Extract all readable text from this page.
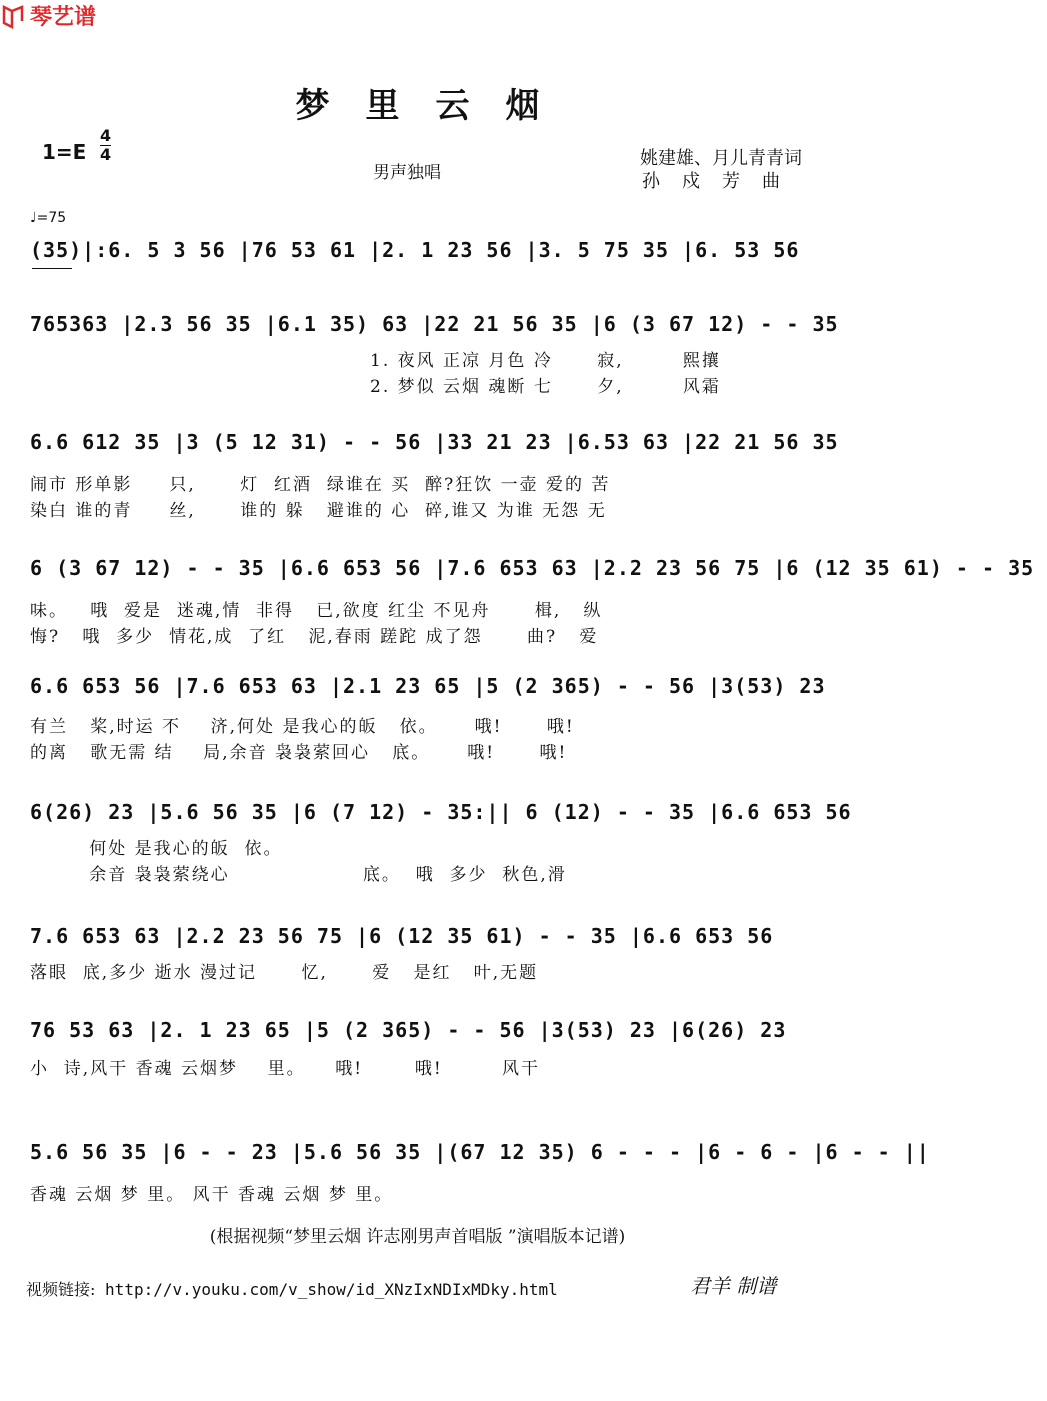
梦里云烟
1=E
4
4
男声独唱
姚建雄、月儿青青词
孙戍芳曲
♩=75
(35)|:6. 5 3 56 |76 53 61 |2. 1 23 56 |3. 5 75 35 |6. 53 56
765363 |2.3 56 35 |6.1 35) 63 |22 21 56 35 |6 (3 67 12) - - 35
1. 夜风 正凉 月色 冷      寂,        熙攘
2. 梦似 云烟 魂断 七      夕,        风霜
6.6 612 35 |3 (5 12 31) - - 56 |33 21 23 |6.53 63 |22 21 56 35
闹市 形单影     只,      灯  红酒  绿谁在 买  醉?狂饮 一壶 爱的 苦
染白 谁的青     丝,      谁的 躲   避谁的 心  碎,谁又 为谁 无怨 无
6 (3 67 12) - - 35 |6.6 653 56 |7.6 653 63 |2.2 23 56 75 |6 (12 35 61) - - 35
味。   哦  爱是  迷魂,情  非得   已,欲度 红尘 不见舟      楫,   纵
悔?   哦  多少  情花,成  了红   泥,春雨 蹉跎 成了怨      曲?   爱
6.6 653 56 |7.6 653 63 |2.1 23 65 |5 (2 365) - - 56 |3(53) 23
有兰   桨,时运 不    济,何处 是我心的皈   依。     哦!      哦!
的离   歌无需 结    局,余音 袅袅萦回心   底。     哦!      哦!
6(26) 23 |5.6 56 35 |6 (7 12) - 35:|| 6 (12) - - 35 |6.6 653 56
何处 是我心的皈  依。
余音 袅袅萦绕心                  底。  哦  多少  秋色,滑
7.6 653 63 |2.2 23 56 75 |6 (12 35 61) - - 35 |6.6 653 56
落眼  底,多少 逝水 漫过记      忆,      爱   是红   叶,无题
76 53 63 |2. 1 23 65 |5 (2 365) - - 56 |3(53) 23 |6(26) 23
小  诗,风干 香魂 云烟梦    里。    哦!       哦!        风干
5.6 56 35 |6 - - 23 |5.6 56 35 |(67 12 35) 6 - - - |6 - 6 - |6 - - ||
香魂 云烟 梦 里。 风干 香魂 云烟 梦 里。
(根据视频“梦里云烟 许志刚男声首唱版 ”演唱版本记谱)
视频链接: http://v.youku.com/v_show/id_XNzIxNDIxMDky.html	君羊 制谱
琴艺谱
